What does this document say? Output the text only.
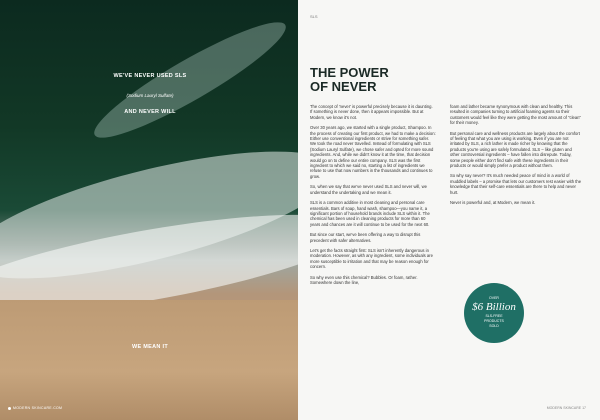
WE'VE NEVER USED SLS
(Sodium Lauryl Sulfate)
AND NEVER WILL
WE MEAN IT
MODERN SKINCARE.COM
SLS
THE POWER
OF NEVER

The concept of 'never' is powerful precisely because it is daunting. If something is never done, then it appears impossible. But at Modern, we know it's not.

Over 30 years ago, we started with a single product, Shampoo. In the process of creating our first product, we had to make a decision: Either use conventional ingredients or strive for something safer. We took the road never travelled. Instead of formulating with SLS (Sodium Lauryl Sulfate), we chose safer and opted for more sound ingredients. And, while we didn't know it at the time, that decision would go on to define our entire company. SLS was the first ingredient to which we said no, starting a list of ingredients we refuse to use that now numbers in the thousands and continues to grow.

So, when we say that we've never used SLS and never will, we understand the undertaking and we mean it.

SLS is a common additive in most cleaning and personal care essentials. Bars of soap, hand wash, shampoo—you name it, a significant portion of household brands include SLS within it. The chemical has been used in cleaning products for more than 60 years and chances are it will continue to be used for the next 60.

But since our start, we've been offering a way to disrupt this precedent with safer alternatives.

Let's get the facts straight first: SLS isn't inherently dangerous in moderation. However, as with any ingredient, some individuals are more susceptible to irritation and that may be reason enough for concern.

So why even use this chemical? Bubbles. Or foam, rather. Somewhere down the line,

foam and lather became synonymous with clean and healthy. This resulted in companies turning to artificial foaming agents so their customers would feel like they were getting the most amount of "clean" for their money.

But personal care and wellness products are largely about the comfort of feeling that what you are using is working. Even if you are not irritated by SLS, a rich lather is made richer by knowing that the products you're using are safely formulated. SLS – like gluten and other controversial ingredients – have fallen into disrepute. Today, some people either don't find safe with these ingredients in their products or would simply prefer a product without them.

So why say never? It's much needed peace of mind in a world of muddled labels – a promise that lets our customers rest easier with the knowledge that their self-care essentials are there to help and never hurt.

Never is powerful and, at Modern, we mean it.

OVER
$6 Billion
SLS-FREE
PRODUCTS
SOLD
MODERN SKINCARE 17
